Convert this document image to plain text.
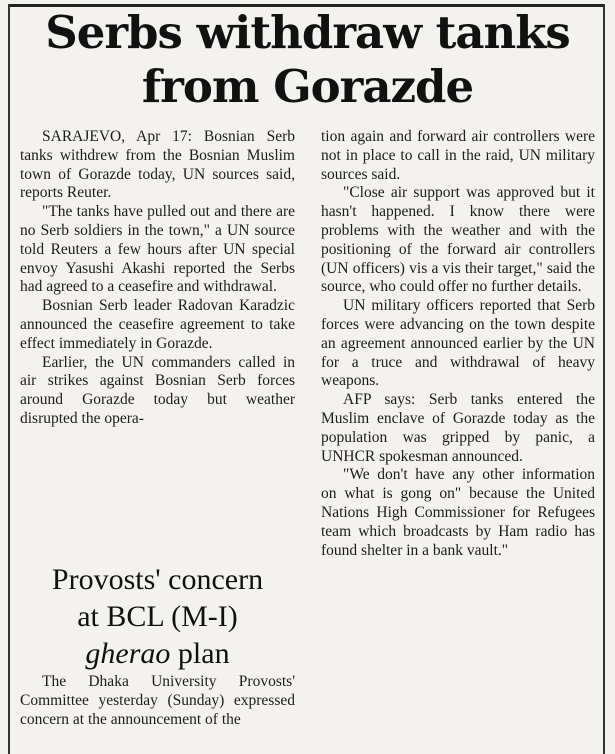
Serbs withdraw tanks
from Gorazde

SARAJEVO, Apr 17: Bosnian Serb tanks withdrew from the Bosnian Muslim town of Gorazde today, UN sources said, reports Reuter.

"The tanks have pulled out and there are no Serb soldiers in the town," a UN source told Reuters a few hours after UN special envoy Yasushi Akashi reported the Serbs had agreed to a ceasefire and withdrawal.

Bosnian Serb leader Radovan Karadzic announced the ceasefire agreement to take effect immediately in Gorazde.

Earlier, the UN commanders called in air strikes against Bosnian Serb forces around Gorazde today but weather disrupted the opera-

tion again and forward air controllers were not in place to call in the raid, UN military sources said.

"Close air support was approved but it hasn't happened. I know there were problems with the weather and with the positioning of the forward air controllers (UN officers) vis a vis their target," said the source, who could offer no further details.

UN military officers reported that Serb forces were advancing on the town despite an agreement announced earlier by the UN for a truce and withdrawal of heavy weapons.

AFP says: Serb tanks entered the Muslim enclave of Gorazde today as the population was gripped by panic, a UNHCR spokesman announced.

"We don't have any other information on what is gong on" because the United Nations High Commissioner for Refugees team which broadcasts by Ham radio has found shelter in a bank vault."

Provosts' concern
at BCL (M-I)
gherao plan

The Dhaka University Provosts' Committee yesterday (Sunday) expressed concern at the announcement of the
